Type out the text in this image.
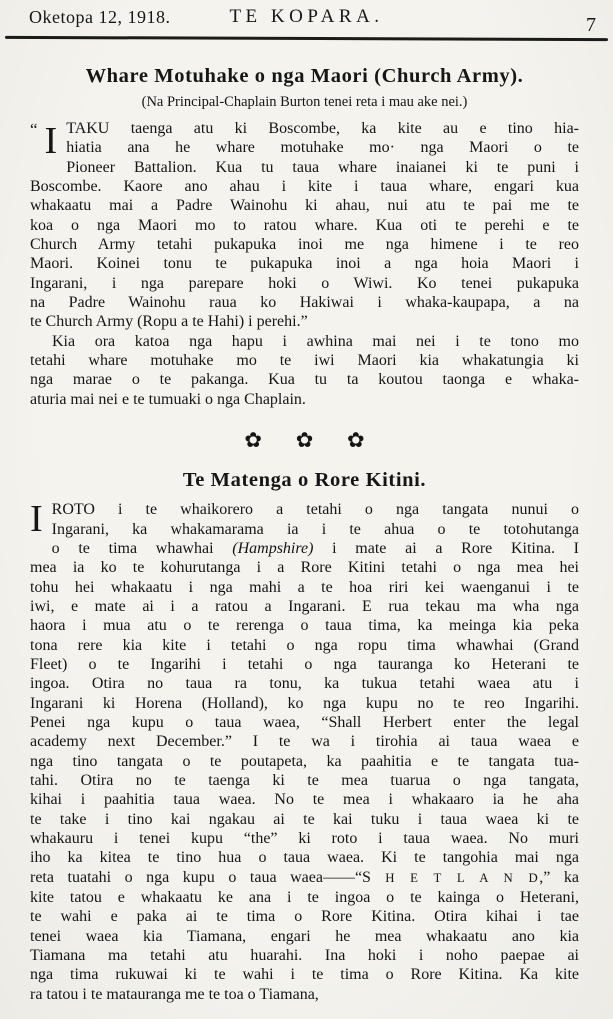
Oketopa 12, 1918.	TE KOPARA.	7
Whare Motuhake o nga Maori (Church Army).
(Na Principal-Chaplain Burton tenei reta i mau ake nei.)
“ I TAKU taenga atu ki Boscombe, ka kite au e tino hia-
hiatia ana he whare motuhake mo· nga Maori o te
Pioneer Battalion. Kua tu taua whare inaianei ki te puni i
Boscombe. Kaore ano ahau i kite i taua whare, engari kua
whakaatu mai a Padre Wainohu ki ahau, nui atu te pai me te
koa o nga Maori mo to ratou whare. Kua oti te perehi e te
Church Army tetahi pukapuka inoi me nga himene i te reo
Maori. Koinei tonu te pukapuka inoi a nga hoia Maori i
Ingarani, i nga parepare hoki o Wiwi. Ko tenei pukapuka
na Padre Wainohu raua ko Hakiwai i whaka-kaupapa, a na
te Church Army (Ropu a te Hahi) i perehi.”
Kia ora katoa nga hapu i awhina mai nei i te tono mo
tetahi whare motuhake mo te iwi Maori kia whakatungia ki
nga marae o te pakanga. Kua tu ta koutou taonga e whaka-
aturia mai nei e te tumuaki o nga Chaplain.
✿ ✿ ✿
Te Matenga o Rore Kitini.
I ROTO i te whaikorero a tetahi o nga tangata nunui o
Ingarani, ka whakamarama ia i te ahua o te totohutanga
o te tima whawhai (Hampshire) i mate ai a Rore Kitina. I
mea ia ko te kohurutanga i a Rore Kitini tetahi o nga mea hei
tohu hei whakaatu i nga mahi a te hoa riri kei waenganui i te
iwi, e mate ai i a ratou a Ingarani. E rua tekau ma wha nga
haora i mua atu o te rerenga o taua tima, ka meinga kia peka
tona rere kia kite i tetahi o nga ropu tima whawhai (Grand
Fleet) o te Ingarihi i tetahi o nga tauranga ko Heterani te
ingoa. Otira no taua ra tonu, ka tukua tetahi waea atu i
Ingarani ki Horena (Holland), ko nga kupu no te reo Ingarihi.
Penei nga kupu o taua waea, “Shall Herbert enter the legal
academy next December.” I te wa i tirohia ai taua waea e
nga tino tangata o te poutapeta, ka paahitia e te tangata tua-
tahi. Otira no te taenga ki te mea tuarua o nga tangata,
kihai i paahitia taua waea. No te mea i whakaaro ia he aha
te take i tino kai ngakau ai te kai tuku i taua waea ki te
whakauru i tenei kupu “the” ki roto i taua waea. No muri
iho ka kitea te tino hua o taua waea. Ki te tangohia mai nga
reta tuatahi o nga kupu o taua waea——“S H E T L A N D,” ka
kite tatou e whakaatu ke ana i te ingoa o te kainga o Heterani,
te wahi e paka ai te tima o Rore Kitina. Otira kihai i tae
tenei waea kia Tiamana, engari he mea whakaatu ano kia
Tiamana ma tetahi atu huarahi. Ina hoki i noho paepae ai
nga tima rukuwai ki te wahi i te tima o Rore Kitina. Ka kite
ra tatou i te matauranga me te toa o Tiamana,
